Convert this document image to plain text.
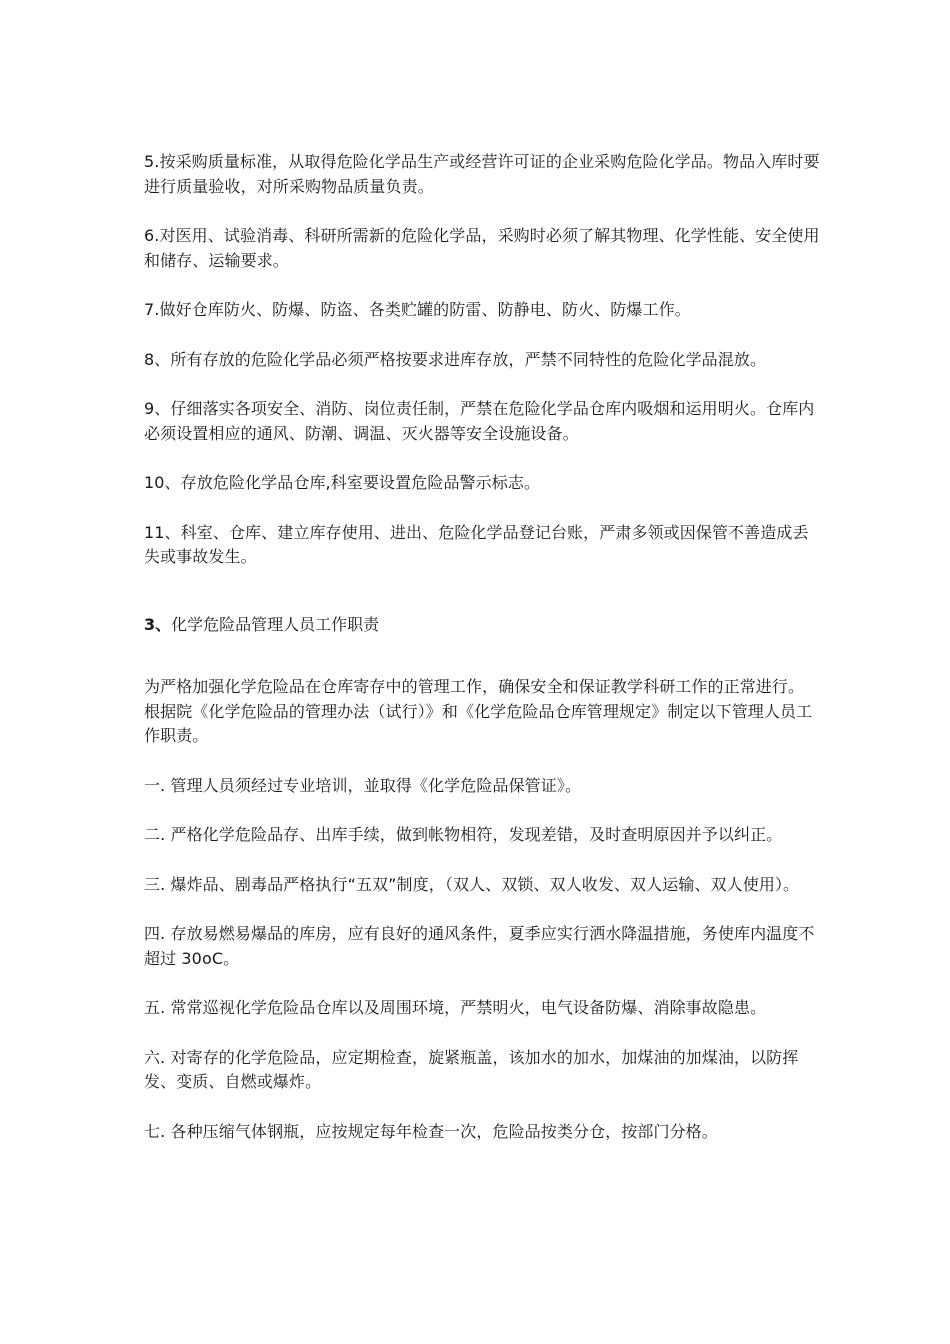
5.按采购质量标准，从取得危险化学品生产或经营许可证的企业采购危险化学品。物品入库时要进行质量验收，对所采购物品质量负责。

6.对医用、试验消毒、科研所需新的危险化学品，采购时必须了解其物理、化学性能、安全使用和储存、运输要求。

7.做好仓库防火、防爆、防盗、各类贮罐的防雷、防静电、防火、防爆工作。

8、所有存放的危险化学品必须严格按要求进库存放，严禁不同特性的危险化学品混放。

9、仔细落实各项安全、消防、岗位责任制，严禁在危险化学品仓库内吸烟和运用明火。仓库内必须设置相应的通风、防潮、调温、灭火器等安全设施设备。

10、存放危险化学品仓库,科室要设置危险品警示标志。

11、科室、仓库、建立库存使用、进出、危险化学品登记台账，严肃多领或因保管不善造成丢失或事故发生。

3、化学危险品管理人员工作职责

为严格加强化学危险品在仓库寄存中的管理工作，确保安全和保证教学科研工作的正常进行。根据院《化学危险品的管理办法（试行）》和《化学危险品仓库管理规定》制定以下管理人员工作职责。

一. 管理人员须经过专业培训，並取得《化学危险品保管证》。

二. 严格化学危险品存、出库手续，做到帐物相符，发现差错，及时查明原因并予以纠正。

三. 爆炸品、剧毒品严格执行“五双”制度，（双人、双锁、双人收发、双人运输、双人使用）。

四. 存放易燃易爆品的库房，应有良好的通风条件，夏季应实行洒水降温措施，务使库内温度不超过 30oC。

五. 常常巡视化学危险品仓库以及周围环境，严禁明火，电气设备防爆、消除事故隐患。

六. 对寄存的化学危险品，应定期检查，旋紧瓶盖，该加水的加水，加煤油的加煤油，以防挥发、变质、自燃或爆炸。

七. 各种压缩气体钢瓶，应按规定每年检查一次，危险品按类分仓，按部门分格。
